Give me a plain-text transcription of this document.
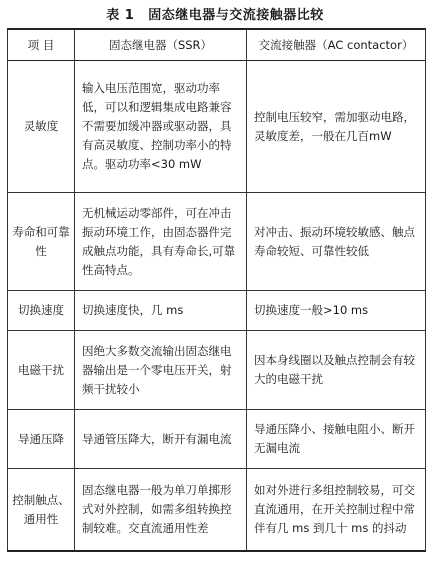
表 1 固态继电器与交流接触器比较
项 目	固态继电器（SSR）	交流接触器（AC contactor）
灵敏度	输入电压范围宽，驱动功率低，可以和逻辑集成电路兼容不需要加缓冲器或驱动器，具有高灵敏度、控制功率小的特点。驱动功率<30 mW	控制电压较窄，需加驱动电路，灵敏度差，一般在几百mW
寿命和可靠性	无机械运动零部件，可在冲击振动环境工作，由固态器件完成触点功能，具有寿命长,可靠性高特点。	对冲击、振动环境较敏感、触点寿命较短、可靠性较低
切换速度	切换速度快，几 ms	切换速度一般>10 ms
电磁干扰	因绝大多数交流输出固态继电器输出是一个零电压开关，射频干扰较小	因本身线圈以及触点控制会有较大的电磁干扰
导通压降	导通管压降大，断开有漏电流	导通压降小、接触电阻小、断开无漏电流
控制触点、通用性	固态继电器一般为单刀单掷形式对外控制，如需多组转换控制较难。交直流通用性差	如对外进行多组控制较易，可交直流通用，在开关控制过程中常伴有几 ms 到几十 ms 的抖动
